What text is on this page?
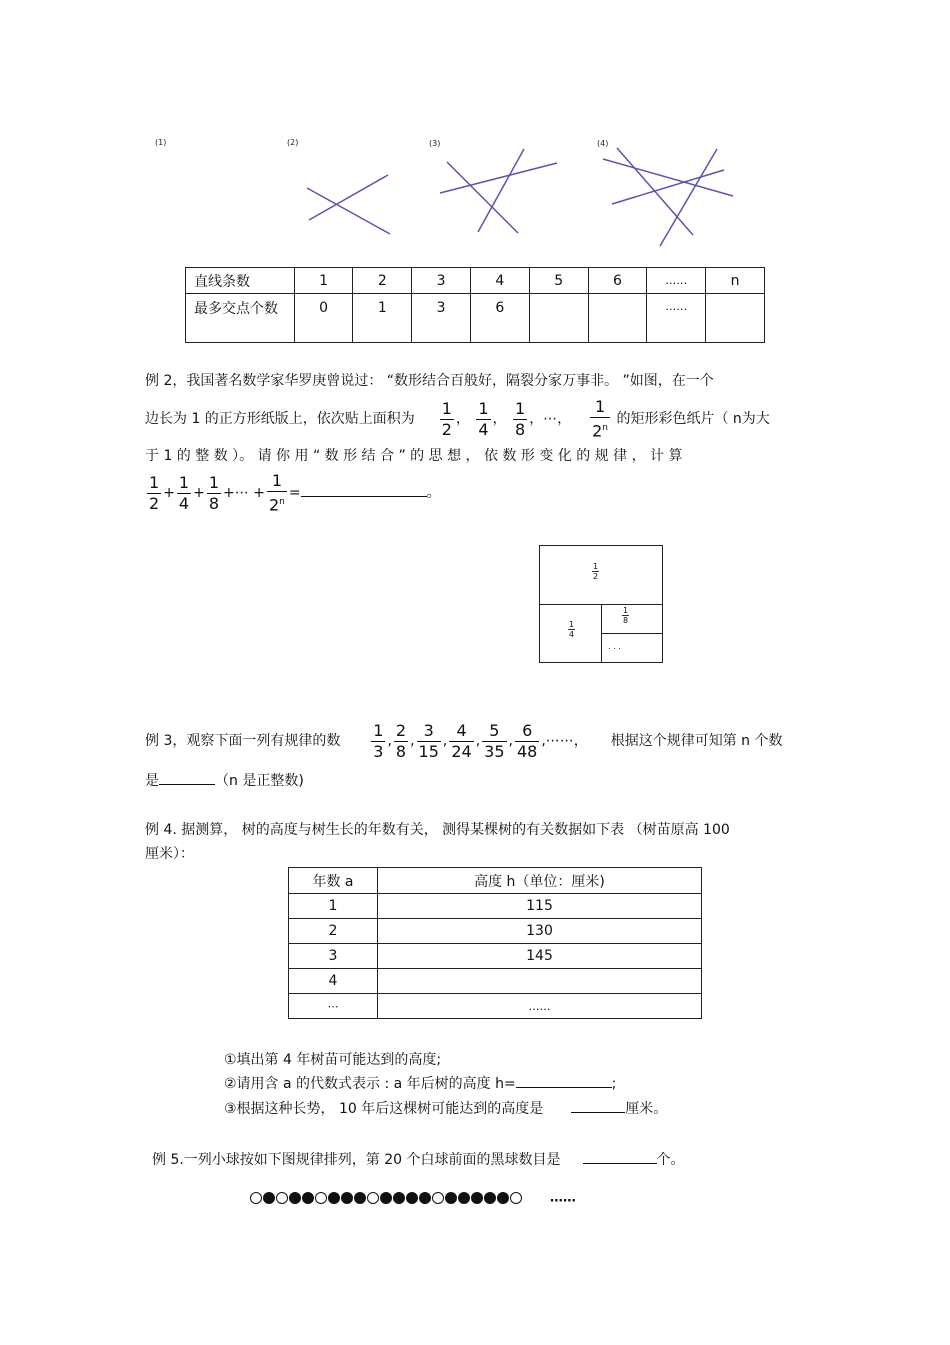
(1)	(2)	(3)	(4)
直线条数	1	2	3	4	5	6	……	n
最多交点个数	0	1	3	6			……	
例 2，我国著名数学家华罗庚曾说过： “数形结合百般好，隔裂分家万事非。 ”如图，在一个
边长为 1 的正方形纸版上，依次贴上面积为 $\frac{1}{2}$ ， $\frac{1}{4}$ ， $\frac{1}{8}$ ，⋯， $\frac{1}{2^n}$ 的矩形彩色纸片（ n为大
于 1 的 整 数 ）。 请 你 用 “ 数 形 结 合 ” 的 思 想 ， 依 数 形 变 化 的 规 律 ， 计 算
$\frac{1}{2} + \frac{1}{4} + \frac{1}{8}$ +⋯ + $\frac{1}{2^n}$ =	。
$\frac{1}{2}$
$\frac{1}{4}$
$\frac{1}{8}$
. . .
例 3，观察下面一列有规律的数 $\frac{1}{3}$ , $\frac{2}{8}$ , $\frac{3}{15}$ , $\frac{4}{24}$ , $\frac{5}{35}$ , $\frac{6}{48}$ ,⋯⋯， 根据这个规律可知第 n 个数
是	（n 是正整数)
例 4. 据测算， 树的高度与树生长的年数有关， 测得某棵树的有关数据如下表 （树苗原高 100
厘米）：
年数 a	高度 h（单位：厘米)
1	115
2	130
3	145
4	
⋯	……
①填出第 4 年树苗可能达到的高度;
②请用含 a 的代数式表示 : a 年后树的高度 h=	;
③根据这种长势， 10 年后这棵树可能达到的高度是	厘米。
例 5.一列小球按如下图规律排列，第 20 个白球前面的黑球数目是	个。
……
